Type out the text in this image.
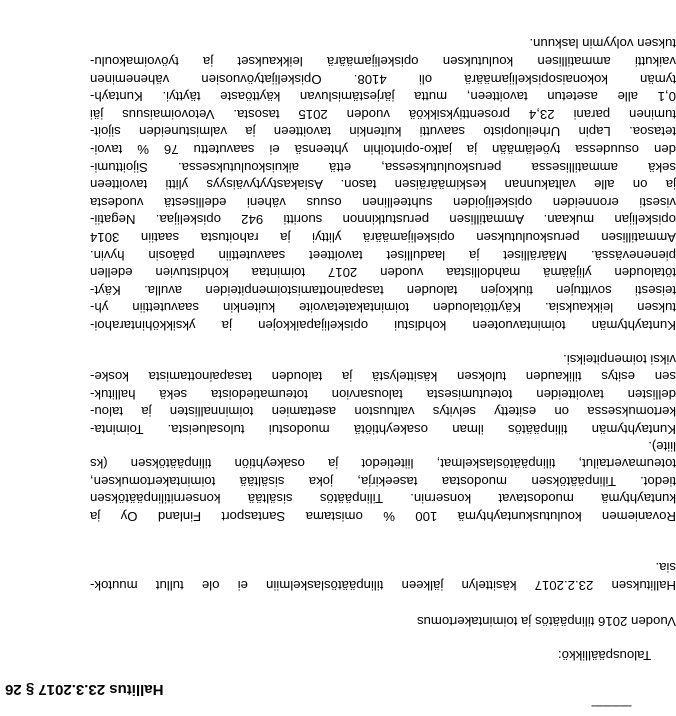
---------------
Hallitus 23.3.2017 § 26

Talouspäällikkö:

Vuoden 2016 tilinpäätös ja toimintakertomus
Hallituksen 23.2.2017 käsittelyn jälkeen tilinpäätöslaskelmiin ei ole tullut muutok-
sia.
Rovaniemen koulutuskuntayhtymä 100 % omistama Santasport Finland Oy ja
kuntayhtymä muodostavat konsernin. Tilinpäätös sisältää konsernitilinpäätöksen
tiedot. Tilinpäätöksen muodostaa taseekirja, joka sisältää toimintakertomuksen,
toteumavertailut, tilinpäätöslaskelmat, liitetiedot ja osakeyhtiön tilinpäätöksen (ks
liite).
Kuntayhtymän tilinpäätös ilman osakeyhtiötä muodostui tulosalueista. Toiminta-
kertomuksessa on esitetty selvitys valtuuston asettamien toiminnallisten ja talou-
dellisten tavoitteiden toteutumisesta talousarvion toteumatiedoista sekä hallituk-
sen esitys tilikauden tuloksen käsittelystä ja talouden tasapainottamista koske-
viksi toimenpiteiksi.
Kuntayhtymän toimintavuoteen kohdistui opiskelijapaikkojen ja yksikköhintarahoi-
tuksen leikkauksia. Käyttötalouden toimintakatetavoite kuitenkin saavutettiin yh-
teisesti sovittujen tiukkojen talouden tasapainottamistoimenpiteiden avulla. Käyt-
tötalouden ylijäämä mahdollistaa vuoden 2017 toimintaa kohdistuvien edellen
pienenevässä. Määrälliset ja laadulliset tavoitteet saavutettiin pääosin hyvin.
Ammatillisen peruskoulutuksen opiskelijamäärä ylittyi ja rahoitusta saatiin 3014
opiskelijan mukaan. Ammatillisen perustutkinnon suoritti 942 opiskelijaa. Negatii-
visesti eronneiden opiskelijoiden suhteellinen osuus väheni edellisestä vuodesta
ja on alle valtakunnan keskimääräisen tason. Asiakastyytyväisyys ylitti tavoitteen
sekä ammatillisessa peruskoulutuksessa, että aikuiskoulutuksessa. Sijoittumi-
den osuudessa työelämään ja jatko-opintoihin yhteensä ei saavutettu 76 % tavoi-
tetasoa. Lapin Urheiluopisto saavutti kuitenkin tavoitteen ja valmistuneiden sijoit-
tuminen parani 23,4 prosenttiyksikköä vuoden 2015 tasosta. Vetovoimaisuus jäi
0,1 alle asetetun tavoitteen, mutta järjestämisluvan käyttöaste täyttyi. Kuntayh-
tymän kokonaisopiskelijamäärä oli 4108. Opiskelijatyövuosien väheneminen
vaikutti ammatillisen koulutuksen opiskelijamäärä leikkaukset ja työvoimakoulu-
tuksen volyymin laskuun.
